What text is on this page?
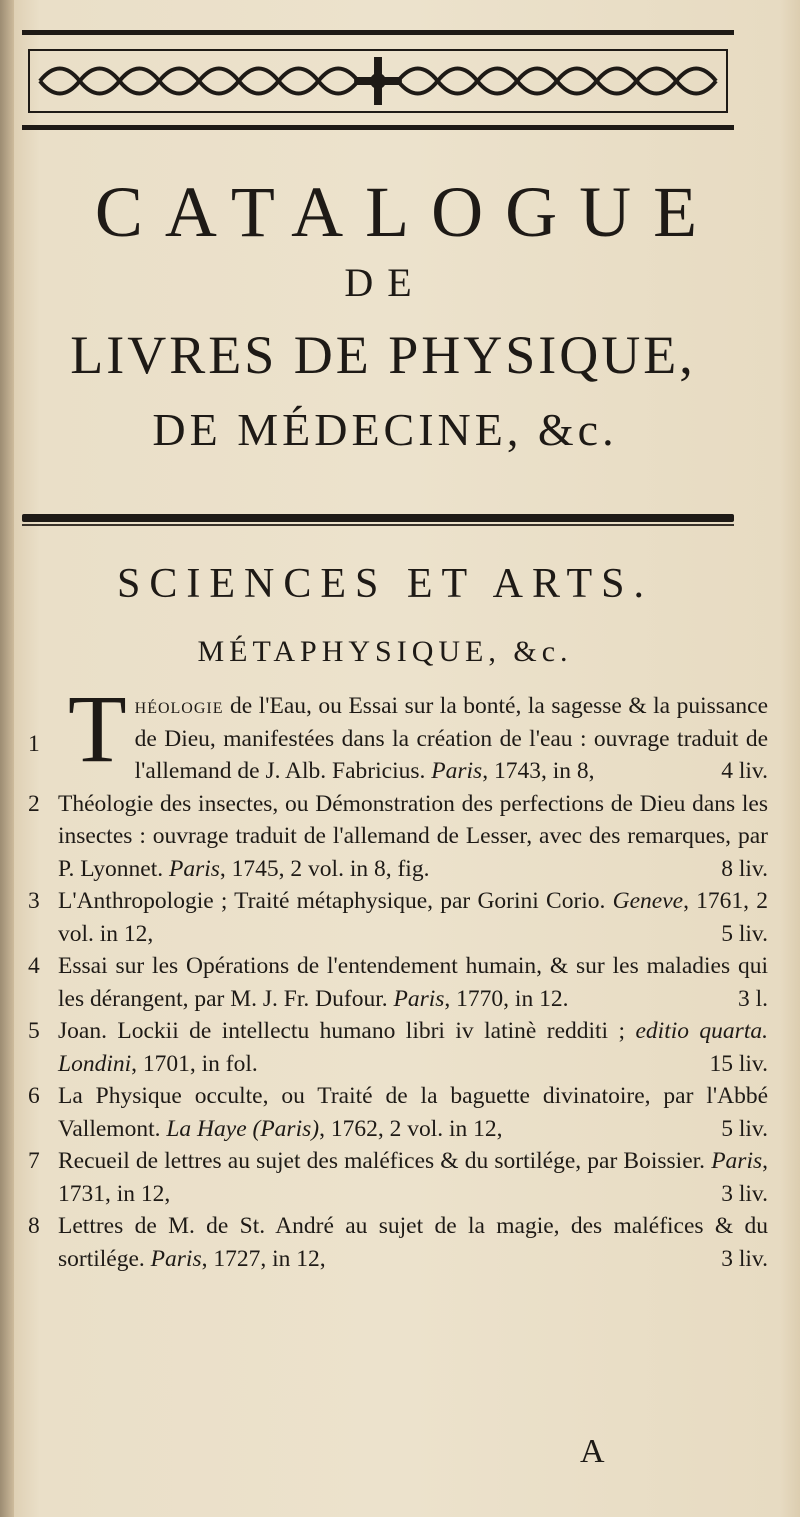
CATALOGUE
DE
LIVRES DE PHYSIQUE,
DE MÉDECINE, &c.
SCIENCES ET ARTS.
MÉTAPHYSIQUE, &c.
1 T héologie de l'Eau, ou Essai sur la bonté, la sagesse & la puissance de Dieu, manifestées dans la création de l'eau : ouvrage traduit de l'allemand de J. Alb. Fabricius. Paris, 1743, in 8,	4 liv.
2 Théologie des insectes, ou Démonstration des perfections de Dieu dans les insectes : ouvrage traduit de l'allemand de Lesser, avec des remarques, par P. Lyonnet. Paris, 1745, 2 vol. in 8, fig.	8 liv.
3 L'Anthropologie ; Traité métaphysique, par Gorini Corio. Geneve, 1761, 2 vol. in 12,	5 liv.
4 Essai sur les Opérations de l'entendement humain, & sur les maladies qui les dérangent, par M. J. Fr. Dufour. Paris, 1770, in 12.	3 l.
5 Joan. Lockii de intellectu humano libri iv latinè redditi ; editio quarta. Londini, 1701, in fol.	15 liv.
6 La Physique occulte, ou Traité de la baguette divinatoire, par l'Abbé Vallemont. La Haye (Paris), 1762, 2 vol. in 12,	5 liv.
7 Recueil de lettres au sujet des maléfices & du sortilége, par Boissier. Paris, 1731, in 12,	3 liv.
8 Lettres de M. de St. André au sujet de la magie, des maléfices & du sortilége. Paris, 1727, in 12,	3 liv.
A
